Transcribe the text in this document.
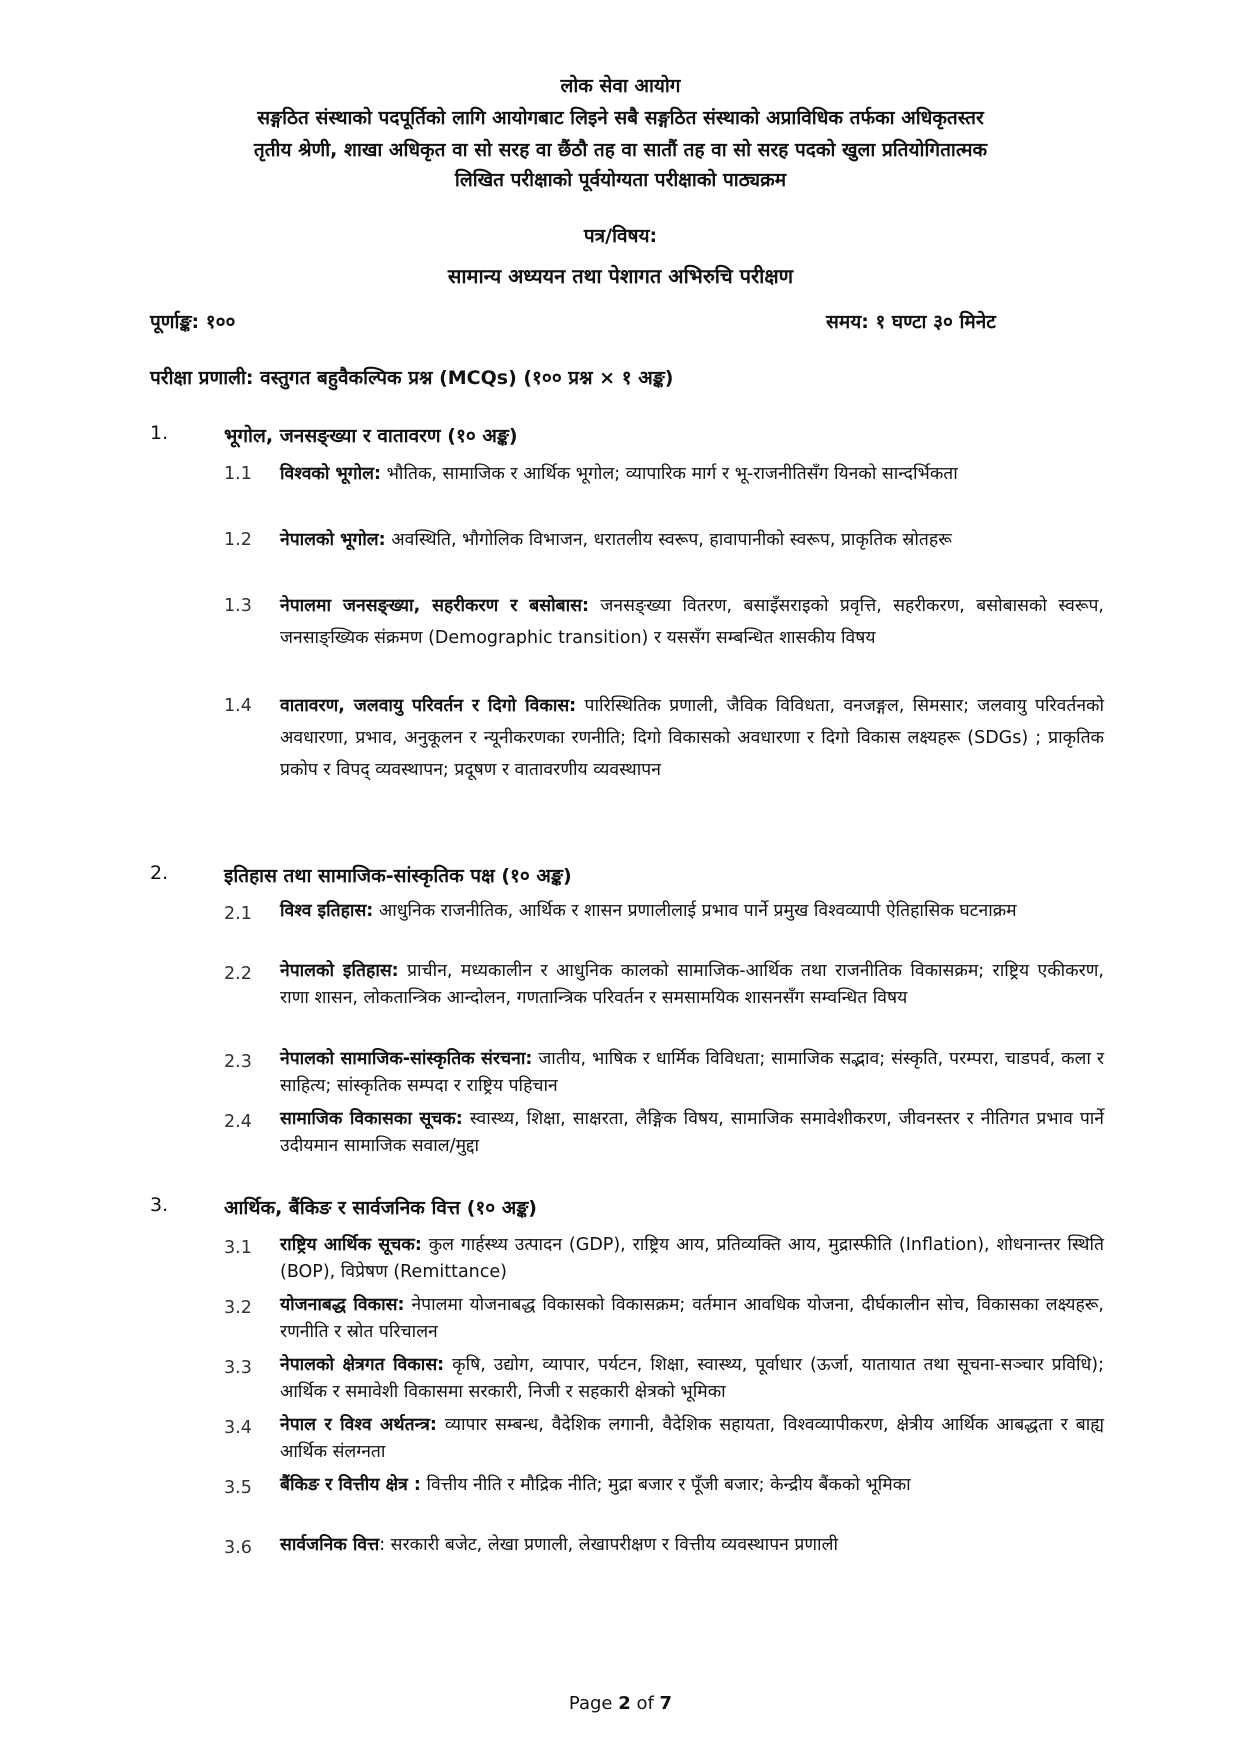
लोक सेवा आयोग
सङ्गठित संस्थाको पदपूर्तिको लागि आयोगबाट लिइने सबै सङ्गठित संस्थाको अप्राविधिक तर्फका अधिकृतस्तर
तृतीय श्रेणी, शाखा अधिकृत वा सो सरह वा छैंठौ तह वा सातौं तह वा सो सरह पदको खुला प्रतियोगितात्मक
लिखित परीक्षाको पूर्वयोग्यता परीक्षाको पाठ्यक्रम
पत्र/विषय:
सामान्य अध्ययन तथा पेशागत अभिरुचि परीक्षण
पूर्णाङ्क: १००	समय: १ घण्टा ३० मिनेट
परीक्षा प्रणाली: वस्तुगत बहुवैकल्पिक प्रश्न (MCQs) (१०० प्रश्न × १ अङ्क)
1.	भूगोल, जनसङ्ख्या र वातावरण (१० अङ्क)
1.1	विश्वको भूगोल: भौतिक, सामाजिक र आर्थिक भूगोल; व्यापारिक मार्ग र भू-राजनीतिसँग यिनको सान्दर्भिकता
1.2	नेपालको भूगोल: अवस्थिति, भौगोलिक विभाजन, धरातलीय स्वरूप, हावापानीको स्वरूप, प्राकृतिक स्रोतहरू
1.3	नेपालमा जनसङ्ख्या, सहरीकरण र बसोबास: जनसङ्ख्या वितरण, बसाइँसराइको प्रवृत्ति, सहरीकरण, बसोबासको स्वरूप, जनसाङ्ख्यिक संक्रमण (Demographic transition) र यससँग सम्बन्धित शासकीय विषय
1.4	वातावरण, जलवायु परिवर्तन र दिगो विकास: पारिस्थितिक प्रणाली, जैविक विविधता, वनजङ्गल, सिमसार; जलवायु परिवर्तनको अवधारणा, प्रभाव, अनुकूलन र न्यूनीकरणका रणनीति; दिगो विकासको अवधारणा र दिगो विकास लक्ष्यहरू (SDGs) ; प्राकृतिक प्रकोप र विपद् व्यवस्थापन; प्रदूषण र वातावरणीय व्यवस्थापन
2.	इतिहास तथा सामाजिक-सांस्कृतिक पक्ष (१० अङ्क)
2.1	विश्व इतिहास: आधुनिक राजनीतिक, आर्थिक र शासन प्रणालीलाई प्रभाव पार्ने प्रमुख विश्वव्यापी ऐतिहासिक घटनाक्रम
2.2	नेपालको इतिहास: प्राचीन, मध्यकालीन र आधुनिक कालको सामाजिक-आर्थिक तथा राजनीतिक विकासक्रम; राष्ट्रिय एकीकरण, राणा शासन, लोकतान्त्रिक आन्दोलन, गणतान्त्रिक परिवर्तन र समसामयिक शासनसँग सम्वन्धित विषय
2.3	नेपालको सामाजिक-सांस्कृतिक संरचना: जातीय, भाषिक र धार्मिक विविधता; सामाजिक सद्भाव; संस्कृति, परम्परा, चाडपर्व, कला र साहित्य; सांस्कृतिक सम्पदा र राष्ट्रिय पहिचान
2.4	सामाजिक विकासका सूचक: स्वास्थ्य, शिक्षा, साक्षरता, लैङ्गिक विषय, सामाजिक समावेशीकरण, जीवनस्तर र नीतिगत प्रभाव पार्ने उदीयमान सामाजिक सवाल/मुद्दा
3.	आर्थिक, बैंकिङ र सार्वजनिक वित्त (१० अङ्क)
3.1	राष्ट्रिय आर्थिक सूचक: कुल गार्हस्थ्य उत्पादन (GDP), राष्ट्रिय आय, प्रतिव्यक्ति आय, मुद्रास्फीति (Inflation), शोधनान्तर स्थिति (BOP), विप्रेषण (Remittance)
3.2	योजनाबद्ध विकास: नेपालमा योजनाबद्ध विकासको विकासक्रम; वर्तमान आवधिक योजना, दीर्घकालीन सोच, विकासका लक्ष्यहरू, रणनीति र स्रोत परिचालन
3.3	नेपालको क्षेत्रगत विकास: कृषि, उद्योग, व्यापार, पर्यटन, शिक्षा, स्वास्थ्य, पूर्वाधार (ऊर्जा, यातायात तथा सूचना-सञ्चार प्रविधि); आर्थिक र समावेशी विकासमा सरकारी, निजी र सहकारी क्षेत्रको भूमिका
3.4	नेपाल र विश्व अर्थतन्त्र: व्यापार सम्बन्ध, वैदेशिक लगानी, वैदेशिक सहायता, विश्वव्यापीकरण, क्षेत्रीय आर्थिक आबद्धता र बाह्य आर्थिक संलग्नता
3.5	बैंकिङ र वित्तीय क्षेत्र : वित्तीय नीति र मौद्रिक नीति; मुद्रा बजार र पूँजी बजार; केन्द्रीय बैंकको भूमिका
3.6	सार्वजनिक वित्त: सरकारी बजेट, लेखा प्रणाली, लेखापरीक्षण र वित्तीय व्यवस्थापन प्रणाली
Page 2 of 7
